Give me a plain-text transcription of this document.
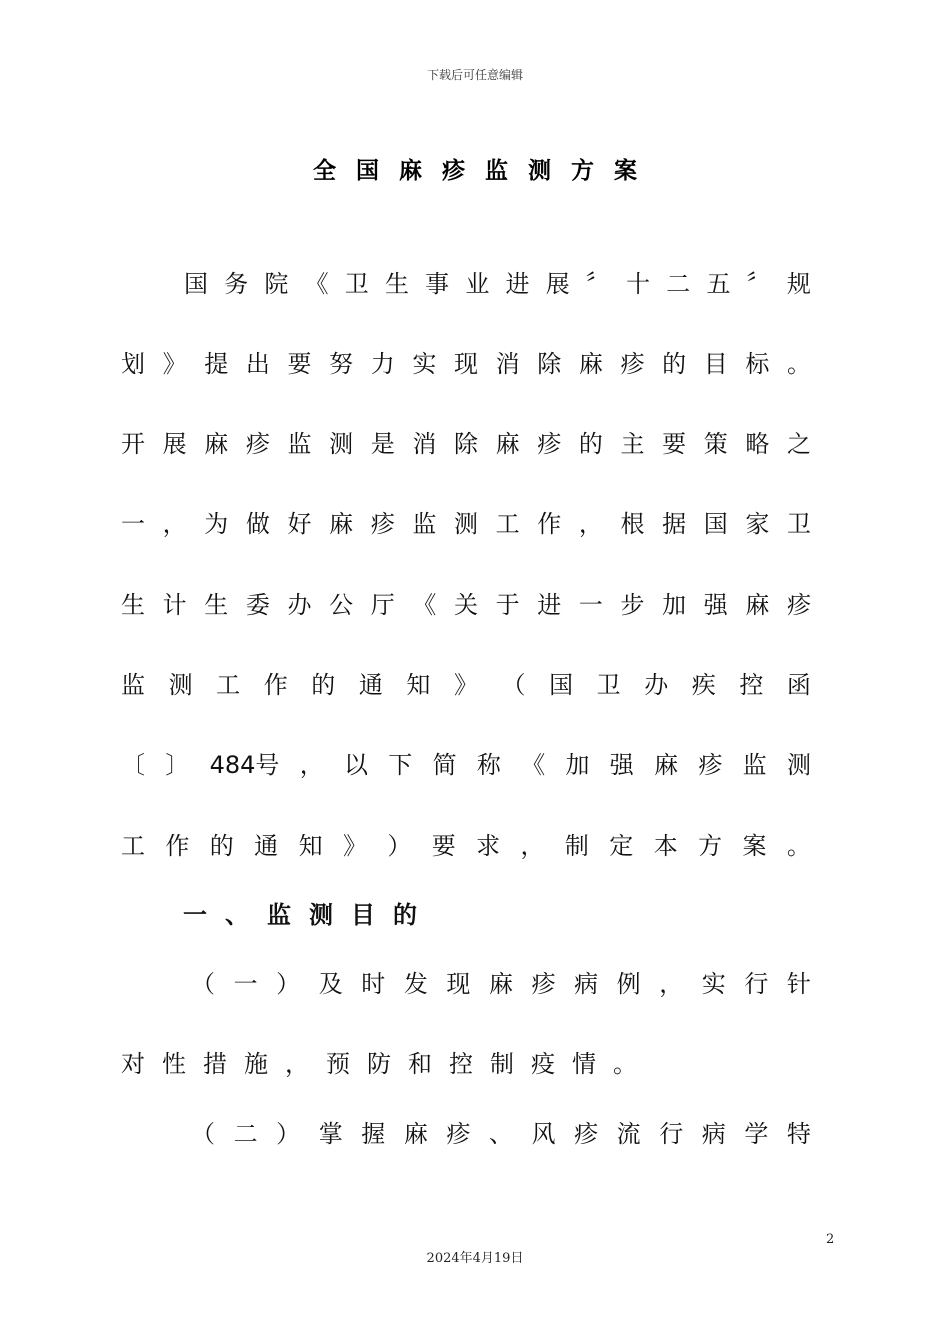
下载后可任意编辑
全国麻疹监测方案
国 务 院 《 卫 生 事 业 进 展 〞 十 二 五 〞 规
划 》 提 出 要 努 力 实 现 消 除 麻 疹 的 目 标 。
开 展 麻 疹 监 测 是 消 除 麻 疹 的 主 要 策 略 之
一 ， 为 做 好 麻 疹 监 测 工 作 ， 根 据 国 家 卫
生 计 生 委 办 公 厅 《 关 于 进 一 步 加 强 麻 疹
监 测 工 作 的 通 知 》 （ 国 卫 办 疾 控 函
〔 〕 484号 ， 以 下 简 称 《 加 强 麻 疹 监 测
工 作 的 通 知 》 ） 要 求 ， 制 定 本 方 案 。
一、监测目的
（ 一 ） 及 时 发 现 麻 疹 病 例 ， 实 行 针
对 性 措 施 ， 预 防 和 控 制 疫 情 。
（ 二 ） 掌 握 麻 疹 、 风 疹 流 行 病 学 特
2
2024年4月19日
